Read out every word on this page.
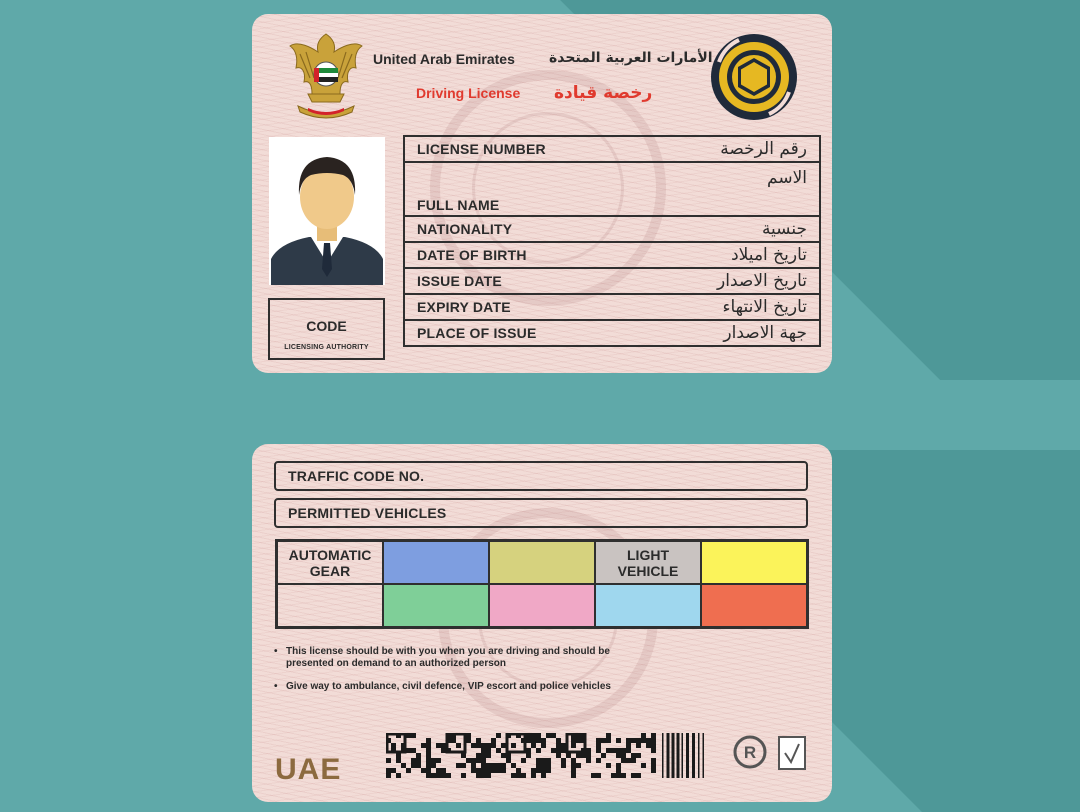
United Arab Emirates الأمارات العربية المتحدة
Driving License رخصة قيادة
CODE
LICENSING AUTHORITY
LICENSE NUMBER	رقم الرخصة
الاسم
FULL NAME
NATIONALITY	جنسية
DATE OF BIRTH	تاريخ اميلاد
ISSUE DATE	تاريخ الاصدار
EXPIRY DATE	تاريخ الانتهاء
PLACE OF ISSUE	جهة الاصدار
TRAFFIC CODE NO.
PERMITTED VEHICLES
AUTOMATIC GEAR
LIGHT VEHICLE
• This license should be with you when you are driving and should be presented on demand to an authorized person
• Give way to ambulance, civil defence, VIP escort and police vehicles
UAE
R
